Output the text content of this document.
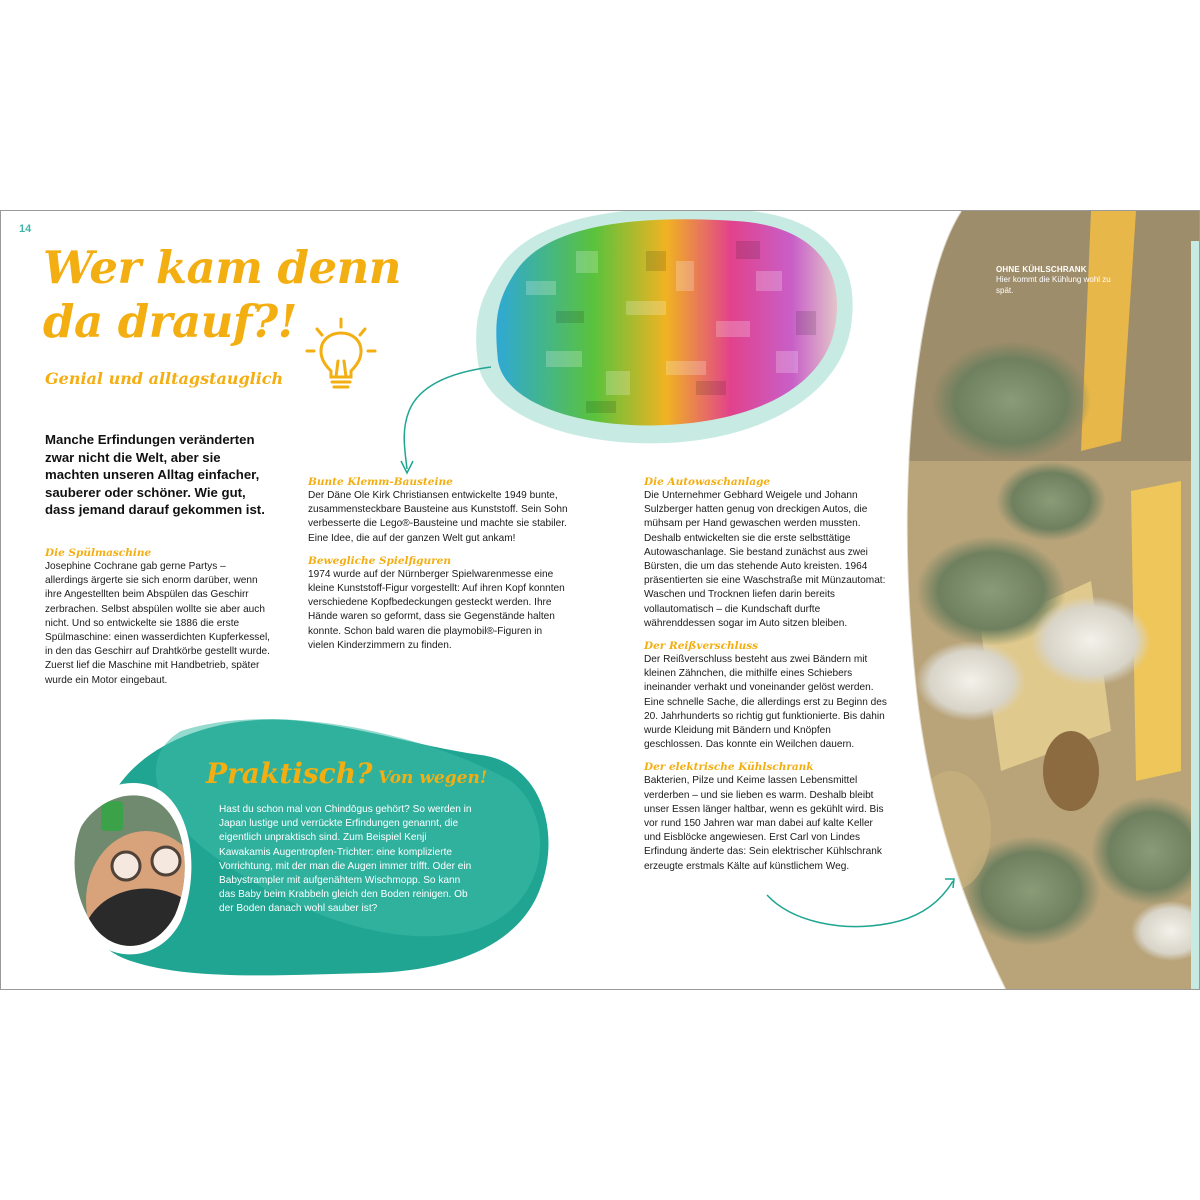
14
Wer kam denn
da drauf?!
Genial und alltagstauglich
Manche Erfindungen veränderten zwar nicht die Welt, aber sie machten unseren Alltag einfacher, sauberer oder schöner. Wie gut, dass jemand darauf gekommen ist.
Die Spülmaschine

Josephine Cochrane gab gerne Partys – allerdings ärgerte sie sich enorm darüber, wenn ihre Angestellten beim Abspülen das Geschirr zerbrachen. Selbst abspülen wollte sie aber auch nicht. Und so entwickelte sie 1886 die erste Spülmaschine: einen wasserdichten Kupferkessel, in den das Geschirr auf Drahtkörbe gestellt wurde. Zuerst lief die Maschine mit Handbetrieb, später wurde ein Motor eingebaut.

Bunte Klemm-Bausteine

Der Däne Ole Kirk Christiansen entwickelte 1949 bunte, zusammensteckbare Bausteine aus Kunststoff. Sein Sohn verbesserte die Lego®-Bausteine und machte sie stabiler. Eine Idee, die auf der ganzen Welt gut ankam!

Bewegliche Spielfiguren

1974 wurde auf der Nürnberger Spielwarenmesse eine kleine Kunststoff-Figur vorgestellt: Auf ihren Kopf konnten verschiedene Kopfbedeckungen gesteckt werden. Ihre Hände waren so geformt, dass sie Gegenstände halten konnte. Schon bald waren die playmobil®-Figuren in vielen Kinderzimmern zu finden.

Die Autowaschanlage

Die Unternehmer Gebhard Weigele und Johann Sulzberger hatten genug von dreckigen Autos, die mühsam per Hand gewaschen werden mussten. Deshalb entwickelten sie die erste selbsttätige Autowaschanlage. Sie bestand zunächst aus zwei Bürsten, die um das stehende Auto kreisten. 1964 präsentierten sie eine Waschstraße mit Münzautomat: Waschen und Trocknen liefen darin bereits vollautomatisch – die Kundschaft durfte währenddessen sogar im Auto sitzen bleiben.

Der Reißverschluss

Der Reißverschluss besteht aus zwei Bändern mit kleinen Zähnchen, die mithilfe eines Schiebers ineinander verhakt und voneinander gelöst werden. Eine schnelle Sache, die allerdings erst zu Beginn des 20. Jahrhunderts so richtig gut funktionierte. Bis dahin wurde Kleidung mit Bändern und Knöpfen geschlossen. Das konnte ein Weilchen dauern.

Der elektrische Kühlschrank

Bakterien, Pilze und Keime lassen Lebensmittel verderben – und sie lieben es warm. Deshalb bleibt unser Essen länger haltbar, wenn es gekühlt wird. Bis vor rund 150 Jahren war man dabei auf kalte Keller und Eisblöcke angewiesen. Erst Carl von Lindes Erfindung änderte das: Sein elektrischer Kühlschrank erzeugte erstmals Kälte auf künstlichem Weg.

OHNE KÜHLSCHRANK
Hier kommt die Kühlung wohl zu spät.
Praktisch? Von wegen!
Hast du schon mal von Chindōgus gehört? So werden in Japan lustige und verrückte Erfindungen genannt, die eigentlich unpraktisch sind. Zum Beispiel Kenji Kawakamis Augentropfen-Trichter: eine komplizierte Vorrichtung, mit der man die Augen immer trifft. Oder ein Babystrampler mit aufgenähtem Wischmopp. So kann das Baby beim Krabbeln gleich den Boden reinigen. Ob der Boden danach wohl sauber ist?
